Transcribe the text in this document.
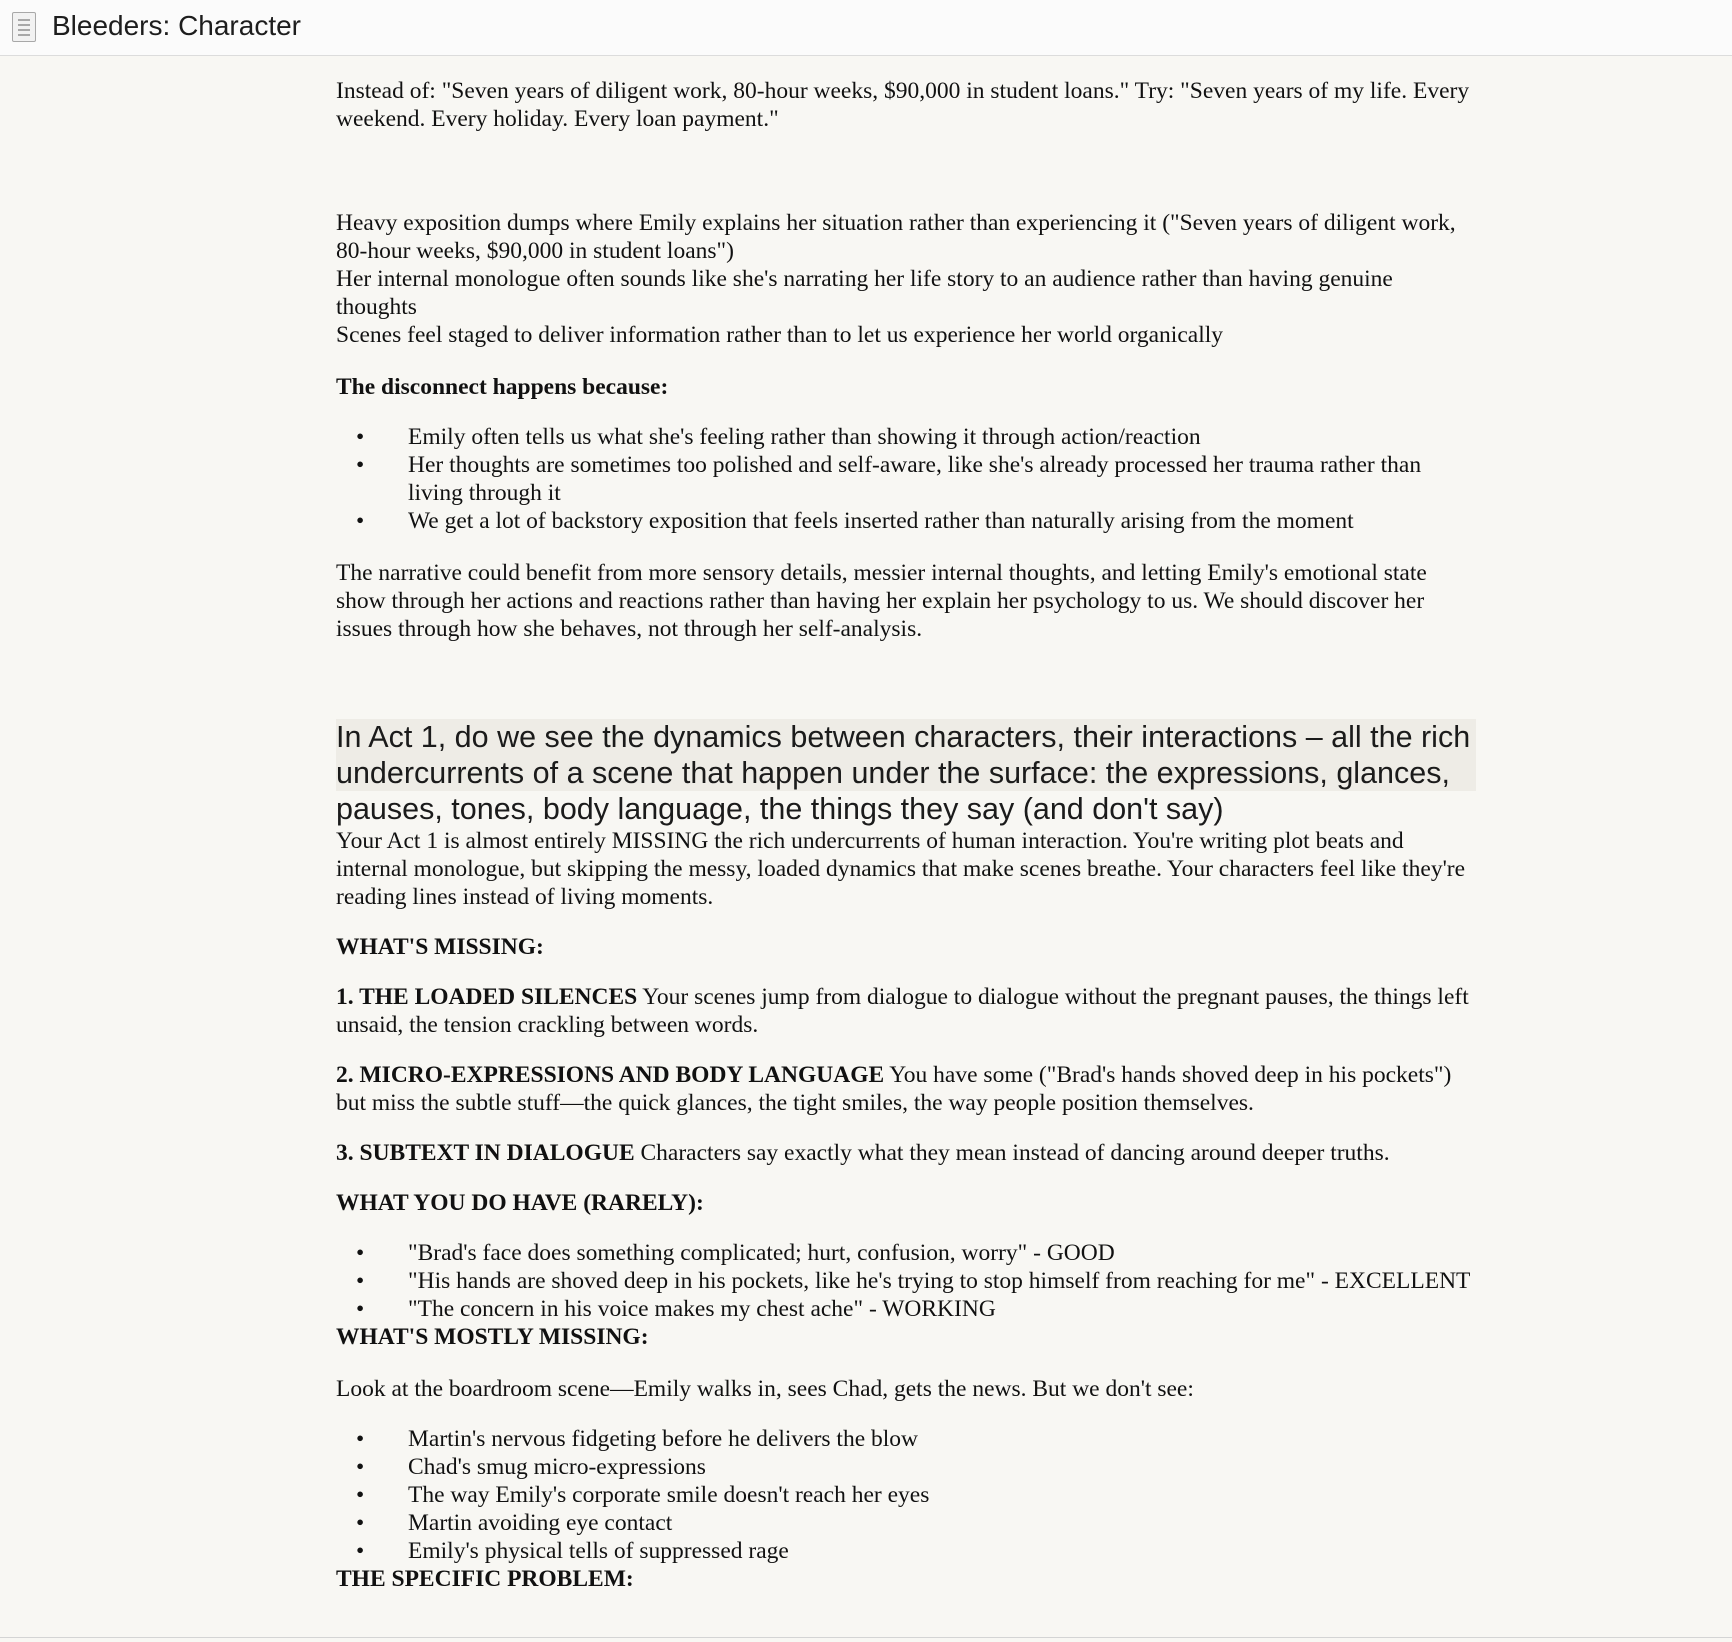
Bleeders: Character

Instead of: "Seven years of diligent work, 80-hour weeks, $90,000 in student loans." Try: "Seven years of my life. Every weekend. Every holiday. Every loan payment."

Heavy exposition dumps where Emily explains her situation rather than experiencing it ("Seven years of diligent work, 80-hour weeks, $90,000 in student loans")

Her internal monologue often sounds like she's narrating her life story to an audience rather than having genuine thoughts

Scenes feel staged to deliver information rather than to let us experience her world organically

The disconnect happens because:

• Emily often tells us what she's feeling rather than showing it through action/reaction
• Her thoughts are sometimes too polished and self-aware, like she's already processed her trauma rather than living through it
• We get a lot of backstory exposition that feels inserted rather than naturally arising from the moment

The narrative could benefit from more sensory details, messier internal thoughts, and letting Emily's emotional state show through her actions and reactions rather than having her explain her psychology to us. We should discover her issues through how she behaves, not through her self-analysis.

In Act 1, do we see the dynamics between characters, their interactions – all the rich undercurrents of a scene that happen under the surface: the expressions, glances, pauses, tones, body language, the things they say (and don't say)

Your Act 1 is almost entirely MISSING the rich undercurrents of human interaction. You're writing plot beats and internal monologue, but skipping the messy, loaded dynamics that make scenes breathe. Your characters feel like they're reading lines instead of living moments.

WHAT'S MISSING:

1. THE LOADED SILENCES Your scenes jump from dialogue to dialogue without the pregnant pauses, the things left unsaid, the tension crackling between words.

2. MICRO-EXPRESSIONS AND BODY LANGUAGE You have some ("Brad's hands shoved deep in his pockets") but miss the subtle stuff—the quick glances, the tight smiles, the way people position themselves.

3. SUBTEXT IN DIALOGUE Characters say exactly what they mean instead of dancing around deeper truths.

WHAT YOU DO HAVE (RARELY):

• "Brad's face does something complicated; hurt, confusion, worry" - GOOD
• "His hands are shoved deep in his pockets, like he's trying to stop himself from reaching for me" - EXCELLENT
• "The concern in his voice makes my chest ache" - WORKING

WHAT'S MOSTLY MISSING:

Look at the boardroom scene—Emily walks in, sees Chad, gets the news. But we don't see:

• Martin's nervous fidgeting before he delivers the blow
• Chad's smug micro-expressions
• The way Emily's corporate smile doesn't reach her eyes
• Martin avoiding eye contact
• Emily's physical tells of suppressed rage

THE SPECIFIC PROBLEM:
